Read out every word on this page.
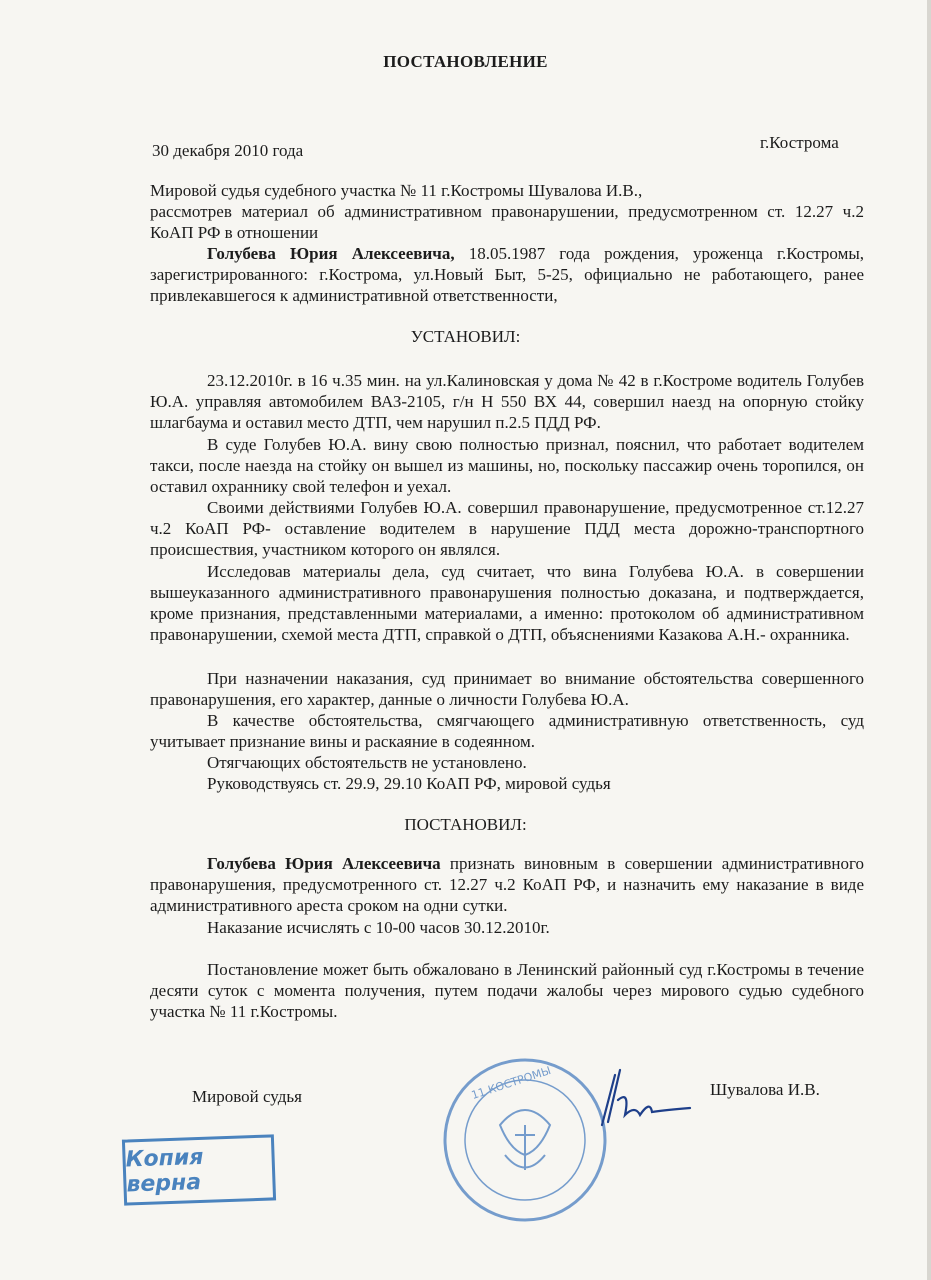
ПОСТАНОВЛЕНИЕ
30 декабря 2010 года	г.Кострома

Мировой судья судебного участка № 11 г.Костромы Шувалова И.В.,

рассмотрев материал об административном правонарушении, предусмотренном ст. 12.27 ч.2 КоАП РФ в отношении

Голубева Юрия Алексеевича, 18.05.1987 года рождения, уроженца г.Костромы, зарегистрированного: г.Кострома, ул.Новый Быт, 5-25, официально не работающего, ранее привлекавшегося к административной ответственности,

УСТАНОВИЛ:

23.12.2010г. в 16 ч.35 мин. на ул.Калиновская у дома № 42 в г.Костроме водитель Голубев Ю.А. управляя автомобилем ВАЗ-2105, г/н Н 550 ВХ 44, совершил наезд на опорную стойку шлагбаума и оставил место ДТП, чем нарушил п.2.5 ПДД РФ.

В суде Голубев Ю.А. вину свою полностью признал, пояснил, что работает водителем такси, после наезда на стойку он вышел из машины, но, поскольку пассажир очень торопился, он оставил охраннику свой телефон и уехал.

Своими действиями Голубев Ю.А. совершил правонарушение, предусмотренное ст.12.27 ч.2 КоАП РФ- оставление водителем в нарушение ПДД места дорожно-транспортного происшествия, участником которого он являлся.

Исследовав материалы дела, суд считает, что вина Голубева Ю.А. в совершении вышеуказанного административного правонарушения полностью доказана, и подтверждается, кроме признания, представленными материалами, а именно: протоколом об административном правонарушении, схемой места ДТП, справкой о ДТП, объяснениями Казакова А.Н.- охранника.

При назначении наказания, суд принимает во внимание обстоятельства совершенного правонарушения, его характер, данные о личности Голубева Ю.А.

В качестве обстоятельства, смягчающего административную ответственность, суд учитывает признание вины и раскаяние в содеянном.

Отягчающих обстоятельств не установлено.

Руководствуясь ст. 29.9, 29.10 КоАП РФ, мировой судья

ПОСТАНОВИЛ:

Голубева Юрия Алексеевича признать виновным в совершении административного правонарушения, предусмотренного ст. 12.27 ч.2 КоАП РФ, и назначить ему наказание в виде административного ареста сроком на одни сутки.

Наказание исчислять с 10-00 часов 30.12.2010г.

Постановление может быть обжаловано в Ленинский районный суд г.Костромы в течение десяти суток с момента получения, путем подачи жалобы через мирового судью судебного участка № 11 г.Костромы.

Мировой судья	Шувалова И.В.
11 КОСТРОМЫ
Копия верна
